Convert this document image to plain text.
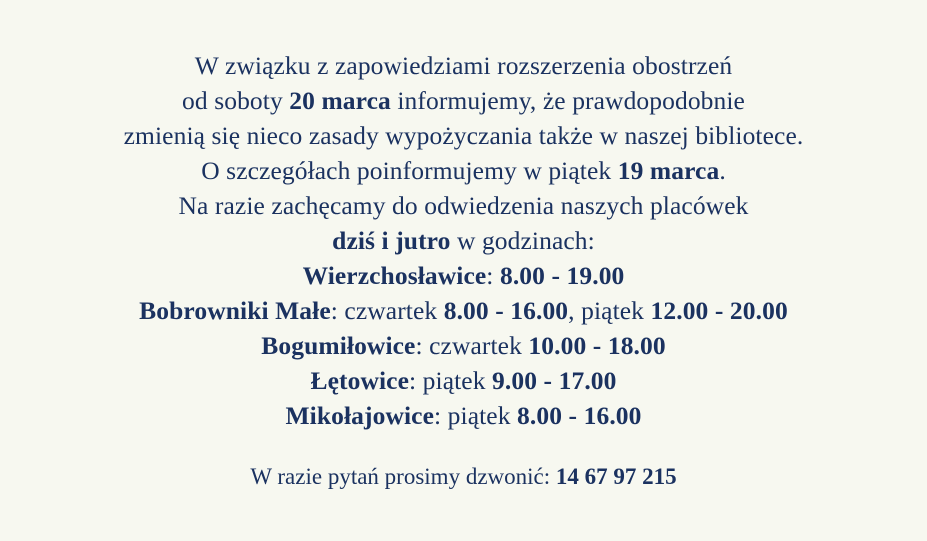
W związku z zapowiedziami rozszerzenia obostrzeń
od soboty 20 marca informujemy, że prawdopodobnie
zmienią się nieco zasady wypożyczania także w naszej bibliotece.
O szczegółach poinformujemy w piątek 19 marca.
Na razie zachęcamy do odwiedzenia naszych placówek
dziś i jutro w godzinach:
Wierzchosławice: 8.00 - 19.00
Bobrowniki Małe: czwartek 8.00 - 16.00, piątek 12.00 - 20.00
Bogumiłowice: czwartek 10.00 - 18.00
Łętowice: piątek 9.00 - 17.00
Mikołajowice: piątek 8.00 - 16.00
W razie pytań prosimy dzwonić: 14 67 97 215
